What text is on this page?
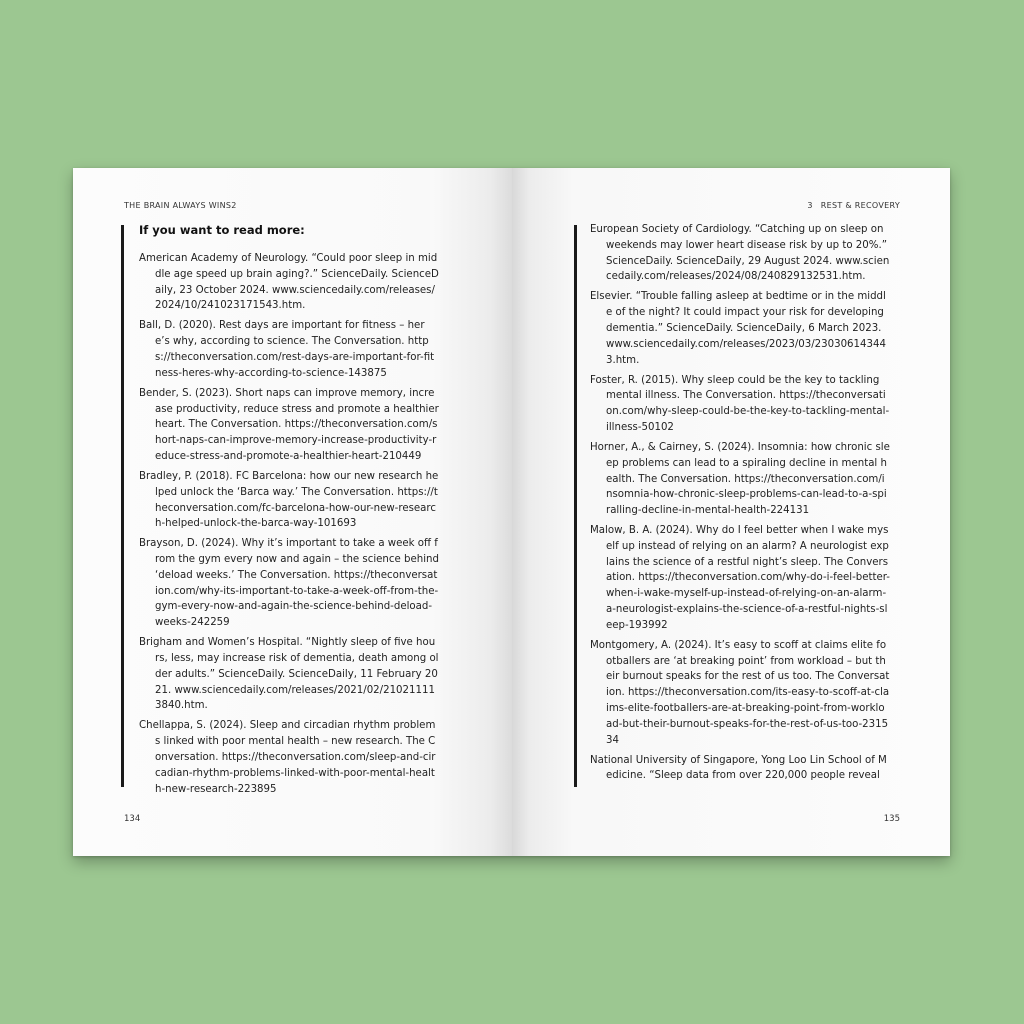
THE BRAIN ALWAYS WINS2
If you want to read more:
American Academy of Neurology. “Could poor sleep in middle age speed up brain aging?.” ScienceDaily. ScienceDaily, 23 October 2024. www.sciencedaily.com/releases/2024/10/241023171543.htm.
Ball, D. (2020). Rest days are important for fitness – here’s why, according to science. The Conversation. https://theconversation.com/rest-days-are-important-for-fitness-heres-why-according-to-science-143875
Bender, S. (2023). Short naps can improve memory, increase productivity, reduce stress and promote a healthier heart. The Conversation. https://theconversation.com/short-naps-can-improve-memory-increase-productivity-reduce-stress-and-promote-a-healthier-heart-210449
Bradley, P. (2018). FC Barcelona: how our new research helped unlock the ‘Barca way.’ The Conversation. https://theconversation.com/fc-barcelona-how-our-new-research-helped-unlock-the-barca-way-101693
Brayson, D. (2024). Why it’s important to take a week off from the gym every now and again – the science behind ‘deload weeks.’ The Conversation. https://theconversation.com/why-its-important-to-take-a-week-off-from-the-gym-every-now-and-again-the-science-behind-deload-weeks-242259
Brigham and Women’s Hospital. “Nightly sleep of five hours, less, may increase risk of dementia, death among older adults.” ScienceDaily. ScienceDaily, 11 February 2021. www.sciencedaily.com/releases/2021/02/210211113840.htm.
Chellappa, S. (2024). Sleep and circadian rhythm problems linked with poor mental health – new research. The Conversation. https://theconversation.com/sleep-and-circadian-rhythm-problems-linked-with-poor-mental-health-new-research-223895
134
3 REST & RECOVERY
European Society of Cardiology. “Catching up on sleep on weekends may lower heart disease risk by up to 20%.” ScienceDaily. ScienceDaily, 29 August 2024. www.sciencedaily.com/releases/2024/08/240829132531.htm.
Elsevier. “Trouble falling asleep at bedtime or in the middle of the night? It could impact your risk for developing dementia.” ScienceDaily. ScienceDaily, 6 March 2023. www.sciencedaily.com/releases/2023/03/230306143443.htm.
Foster, R. (2015). Why sleep could be the key to tackling mental illness. The Conversation. https://theconversation.com/why-sleep-could-be-the-key-to-tackling-mental-illness-50102
Horner, A., & Cairney, S. (2024). Insomnia: how chronic sleep problems can lead to a spiraling decline in mental health. The Conversation. https://theconversation.com/insomnia-how-chronic-sleep-problems-can-lead-to-a-spiralling-decline-in-mental-health-224131
Malow, B. A. (2024). Why do I feel better when I wake myself up instead of relying on an alarm? A neurologist explains the science of a restful night’s sleep. The Conversation. https://theconversation.com/why-do-i-feel-better-when-i-wake-myself-up-instead-of-relying-on-an-alarm-a-neurologist-explains-the-science-of-a-restful-nights-sleep-193992
Montgomery, A. (2024). It’s easy to scoff at claims elite footballers are ‘at breaking point’ from workload – but their burnout speaks for the rest of us too. The Conversation. https://theconversation.com/its-easy-to-scoff-at-claims-elite-footballers-are-at-breaking-point-from-workload-but-their-burnout-speaks-for-the-rest-of-us-too-231534
National University of Singapore, Yong Loo Lin School of Medicine. “Sleep data from over 220,000 people reveal
135
